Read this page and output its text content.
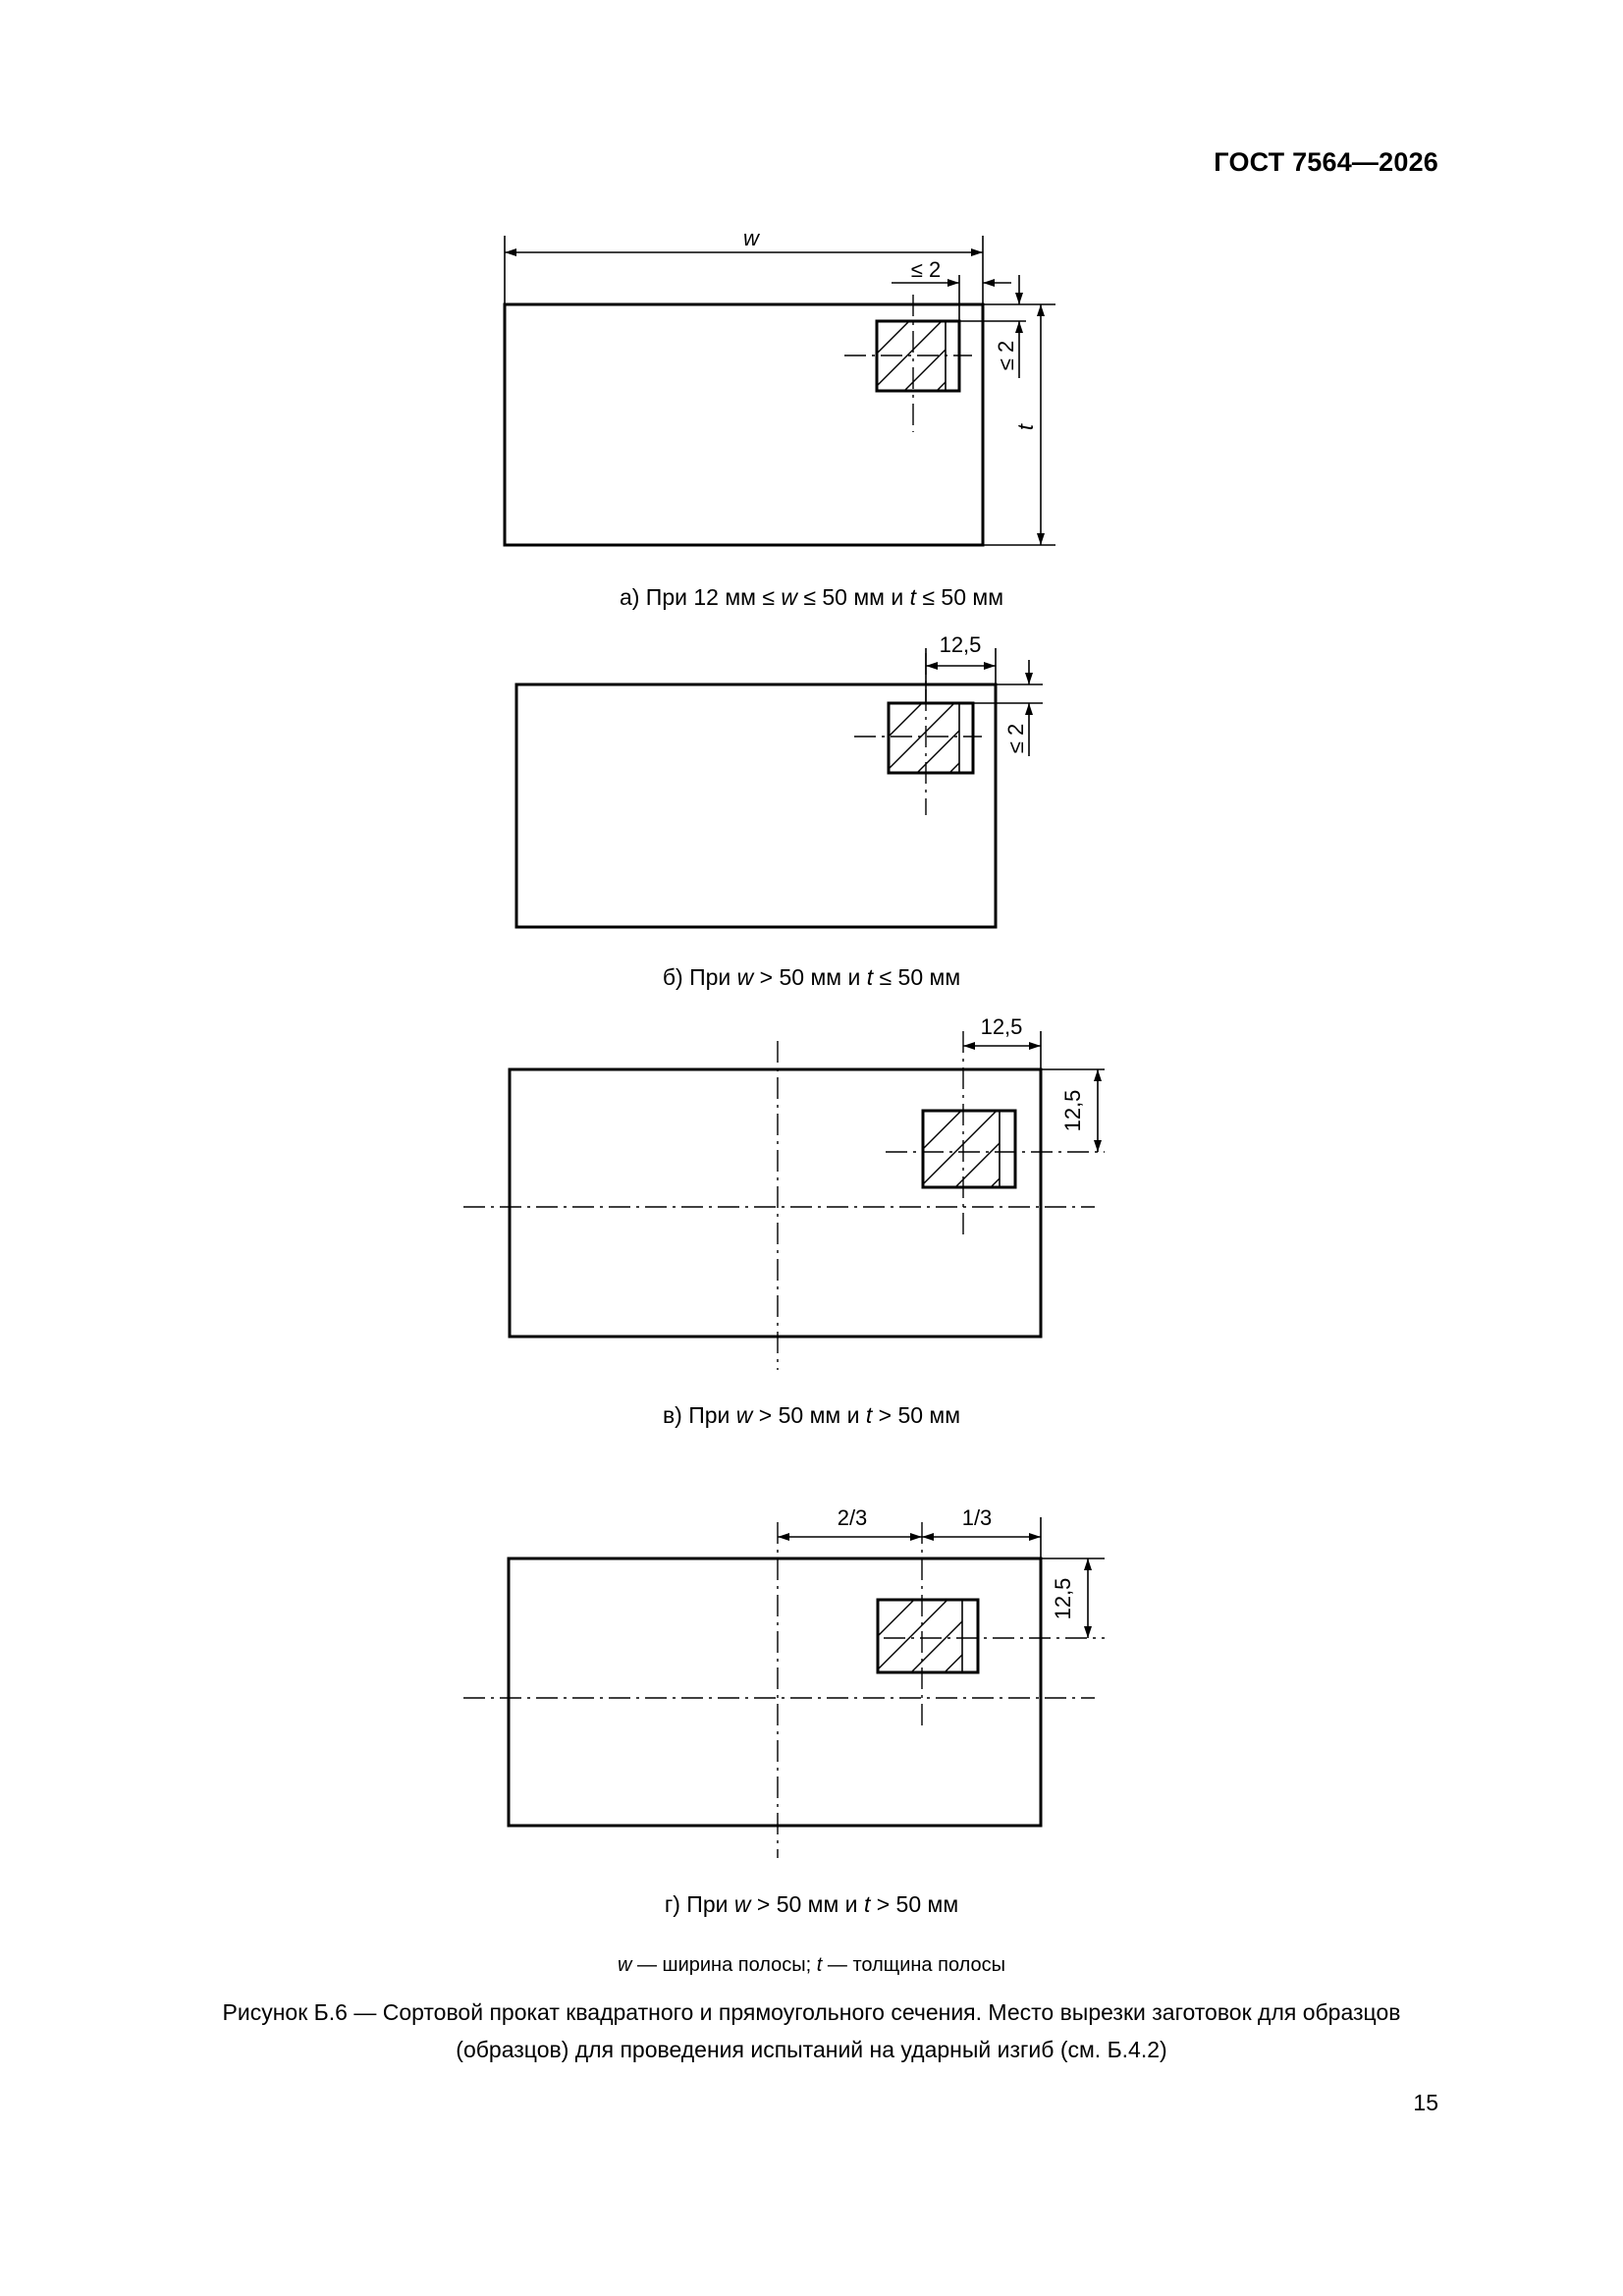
ГОСТ 7564—2026
w
≤ 2
≤ 2
t
12,5
≤ 2
12,5
12,5
2/3	1/3
12,5
а) При 12 мм ≤ w ≤ 50 мм и t ≤ 50 мм
б) При w > 50 мм и t ≤ 50 мм
в) При w > 50 мм и t > 50 мм
г) При w > 50 мм и t > 50 мм
w — ширина полосы; t — толщина полосы
Рисунок Б.6 — Сортовой прокат квадратного и прямоугольного сечения. Место вырезки заготовок для образцов
(образцов) для проведения испытаний на ударный изгиб (см. Б.4.2)
15
